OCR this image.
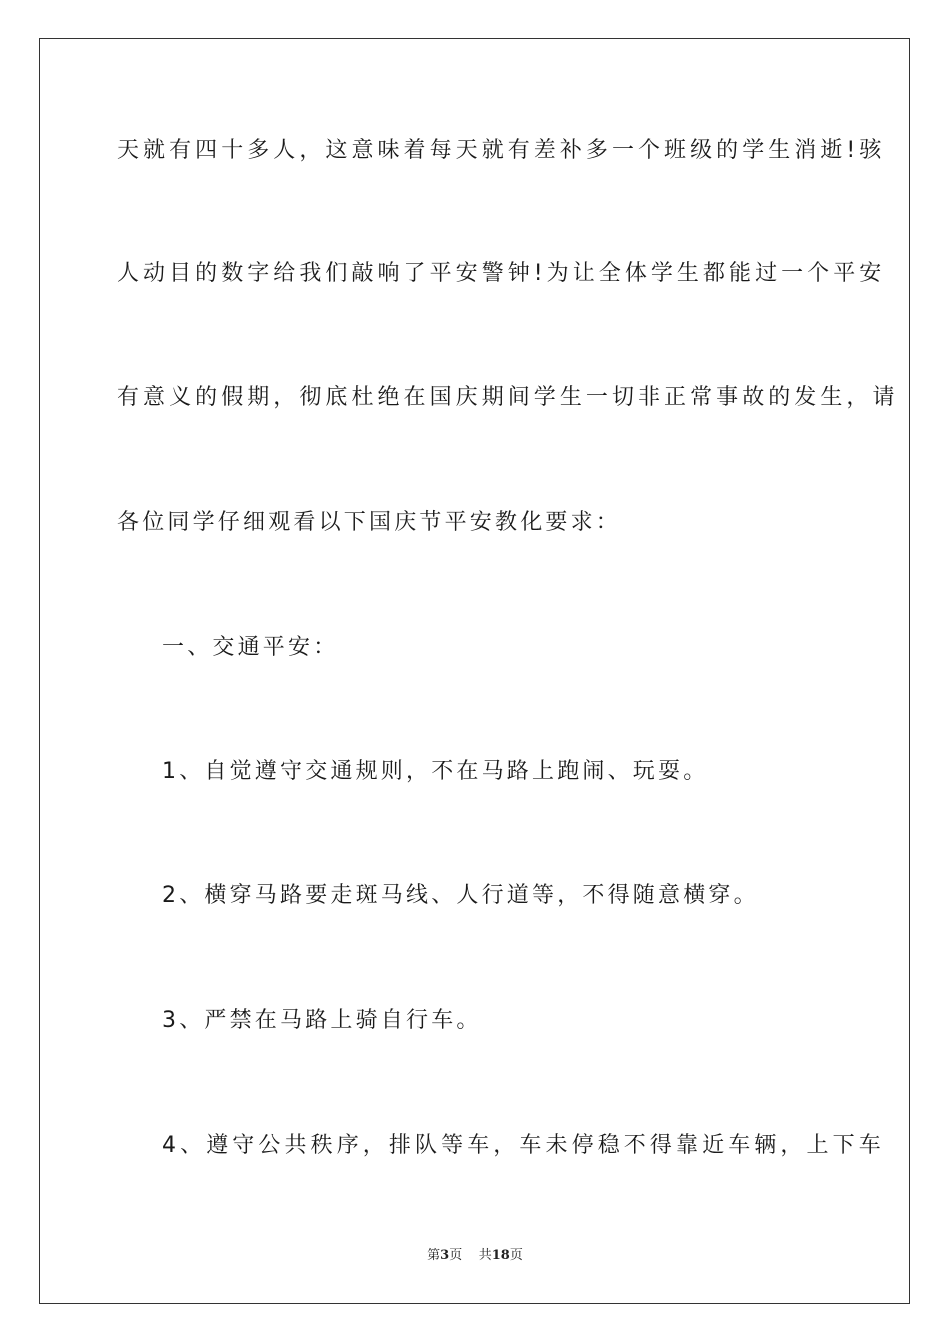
天就有四十多人，这意味着每天就有差补多一个班级的学生消逝!骇
人动目的数字给我们敲响了平安警钟!为让全体学生都能过一个平安
有意义的假期，彻底杜绝在国庆期间学生一切非正常事故的发生，请
各位同学仔细观看以下国庆节平安教化要求：
一、交通平安：
1、自觉遵守交通规则，不在马路上跑闹、玩耍。
2、横穿马路要走斑马线、人行道等，不得随意横穿。
3、严禁在马路上骑自行车。
4、遵守公共秩序，排队等车，车未停稳不得靠近车辆，上下车
第3页 共18页
